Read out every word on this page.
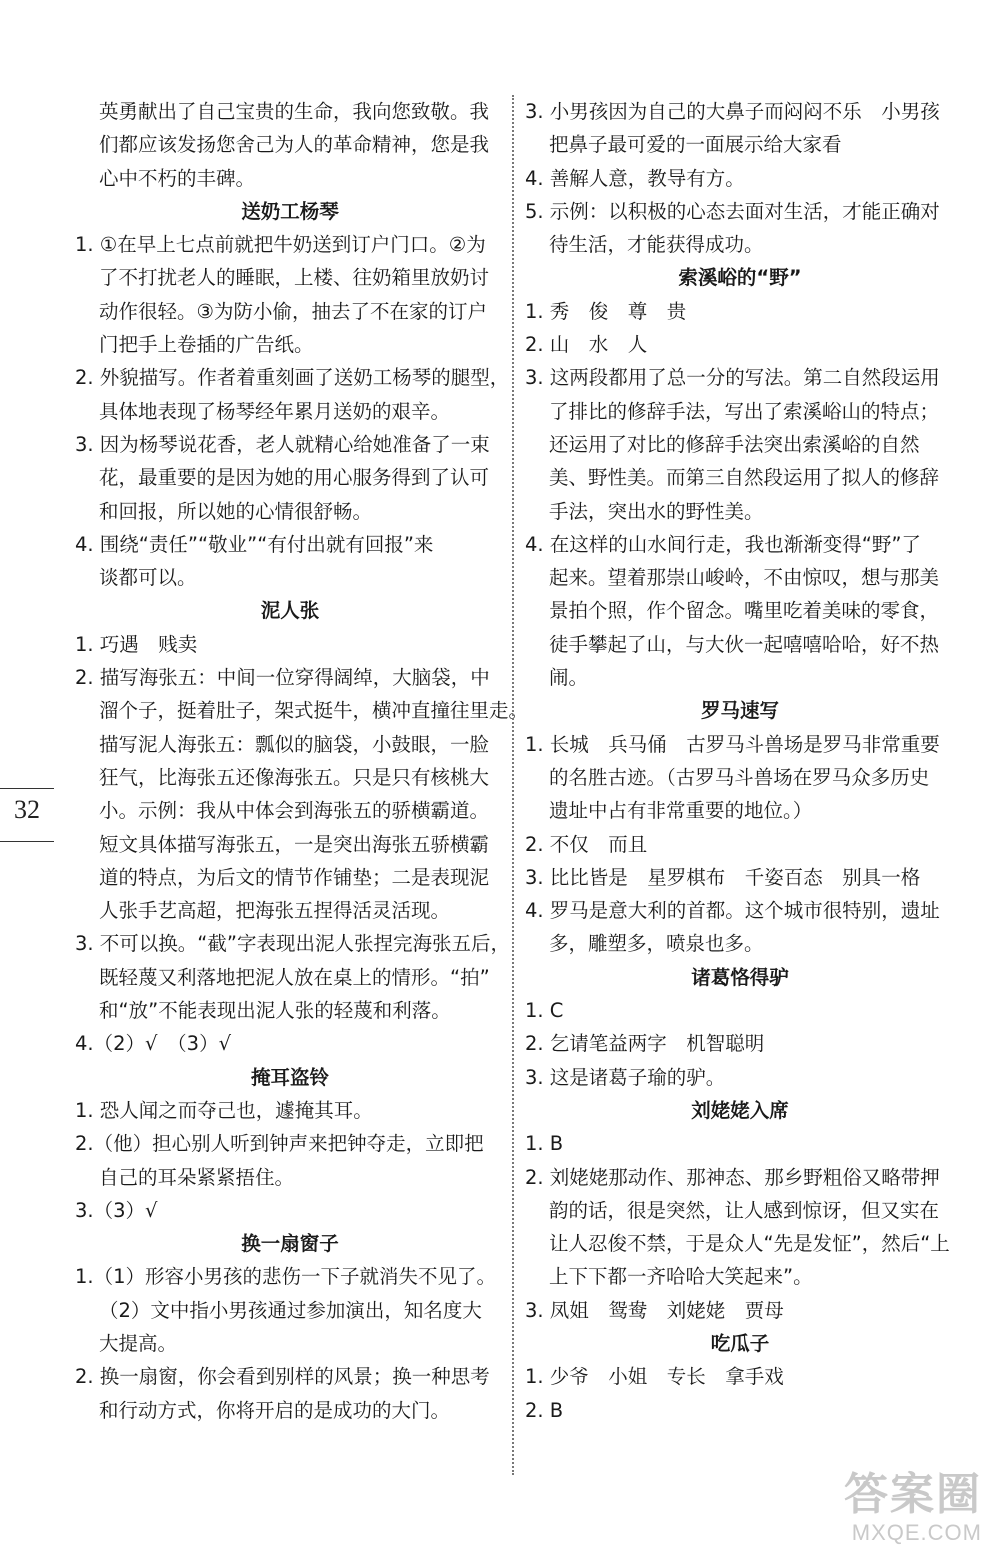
英勇献出了自己宝贵的生命，我向您致敬。我
们都应该发扬您舍己为人的革命精神，您是我
心中不朽的丰碑。
送奶工杨琴
1. ①在早上七点前就把牛奶送到订户门口。②为
了不打扰老人的睡眠，上楼、往奶箱里放奶讨
动作很轻。③为防小偷，抽去了不在家的订户
门把手上卷插的广告纸。
2. 外貌描写。作者着重刻画了送奶工杨琴的腿型，
具体地表现了杨琴经年累月送奶的艰辛。
3. 因为杨琴说花香，老人就精心给她准备了一束
花，最重要的是因为她的用心服务得到了认可
和回报，所以她的心情很舒畅。
4. 围绕“责任”“敬业”“有付出就有回报”来
谈都可以。
泥人张
1. 巧遇　贱卖
2. 描写海张五：中间一位穿得阔绰，大脑袋，中
溜个子，挺着肚子，架式挺牛，横冲直撞往里走。
描写泥人海张五：瓢似的脑袋，小鼓眼，一脸
狂气，比海张五还像海张五。只是只有核桃大
小。示例：我从中体会到海张五的骄横霸道。
短文具体描写海张五，一是突出海张五骄横霸
道的特点，为后文的情节作铺垫；二是表现泥
人张手艺高超，把海张五捏得活灵活现。
3. 不可以换。“截”字表现出泥人张捏完海张五后，
既轻蔑又利落地把泥人放在桌上的情形。“拍”
和“放”不能表现出泥人张的轻蔑和利落。
4.（2）√　（3）√
掩耳盗铃
1. 恐人闻之而夺己也，遽掩其耳。
2.（他）担心别人听到钟声来把钟夺走，立即把
自己的耳朵紧紧捂住。
3.（3）√
换一扇窗子
1.（1）形容小男孩的悲伤一下子就消失不见了。
（2）文中指小男孩通过参加演出，知名度大
大提高。
2. 换一扇窗，你会看到别样的风景；换一种思考
和行动方式，你将开启的是成功的大门。
3. 小男孩因为自己的大鼻子而闷闷不乐　小男孩
把鼻子最可爱的一面展示给大家看
4. 善解人意，教导有方。
5. 示例：以积极的心态去面对生活，才能正确对
待生活，才能获得成功。
索溪峪的“野”
1. 秀　俊　尊　贵
2. 山　水　人
3. 这两段都用了总一分的写法。第二自然段运用
了排比的修辞手法，写出了索溪峪山的特点；
还运用了对比的修辞手法突出索溪峪的自然
美、野性美。而第三自然段运用了拟人的修辞
手法，突出水的野性美。
4. 在这样的山水间行走，我也渐渐变得“野”了
起来。望着那崇山峻岭，不由惊叹，想与那美
景拍个照，作个留念。嘴里吃着美味的零食，
徒手攀起了山，与大伙一起嘻嘻哈哈，好不热
闹。
罗马速写
1. 长城　兵马俑　古罗马斗兽场是罗马非常重要
的名胜古迹。（古罗马斗兽场在罗马众多历史
遗址中占有非常重要的地位。）
2. 不仅　而且
3. 比比皆是　星罗棋布　千姿百态　别具一格
4. 罗马是意大利的首都。这个城市很特别，遗址
多，雕塑多，喷泉也多。
诸葛恪得驴
1. C
2. 乞请笔益两字　机智聪明
3. 这是诸葛子瑜的驴。
刘姥姥入席
1. B
2. 刘姥姥那动作、那神态、那乡野粗俗又略带押
韵的话，很是突然，让人感到惊讶，但又实在
让人忍俊不禁，于是众人“先是发怔”，然后“上
上下下都一齐哈哈大笑起来”。
3. 凤姐　鸳鸯　刘姥姥　贾母
吃瓜子
1. 少爷　小姐　专长　拿手戏
2. B
32
答案圈
MXQE.COM
